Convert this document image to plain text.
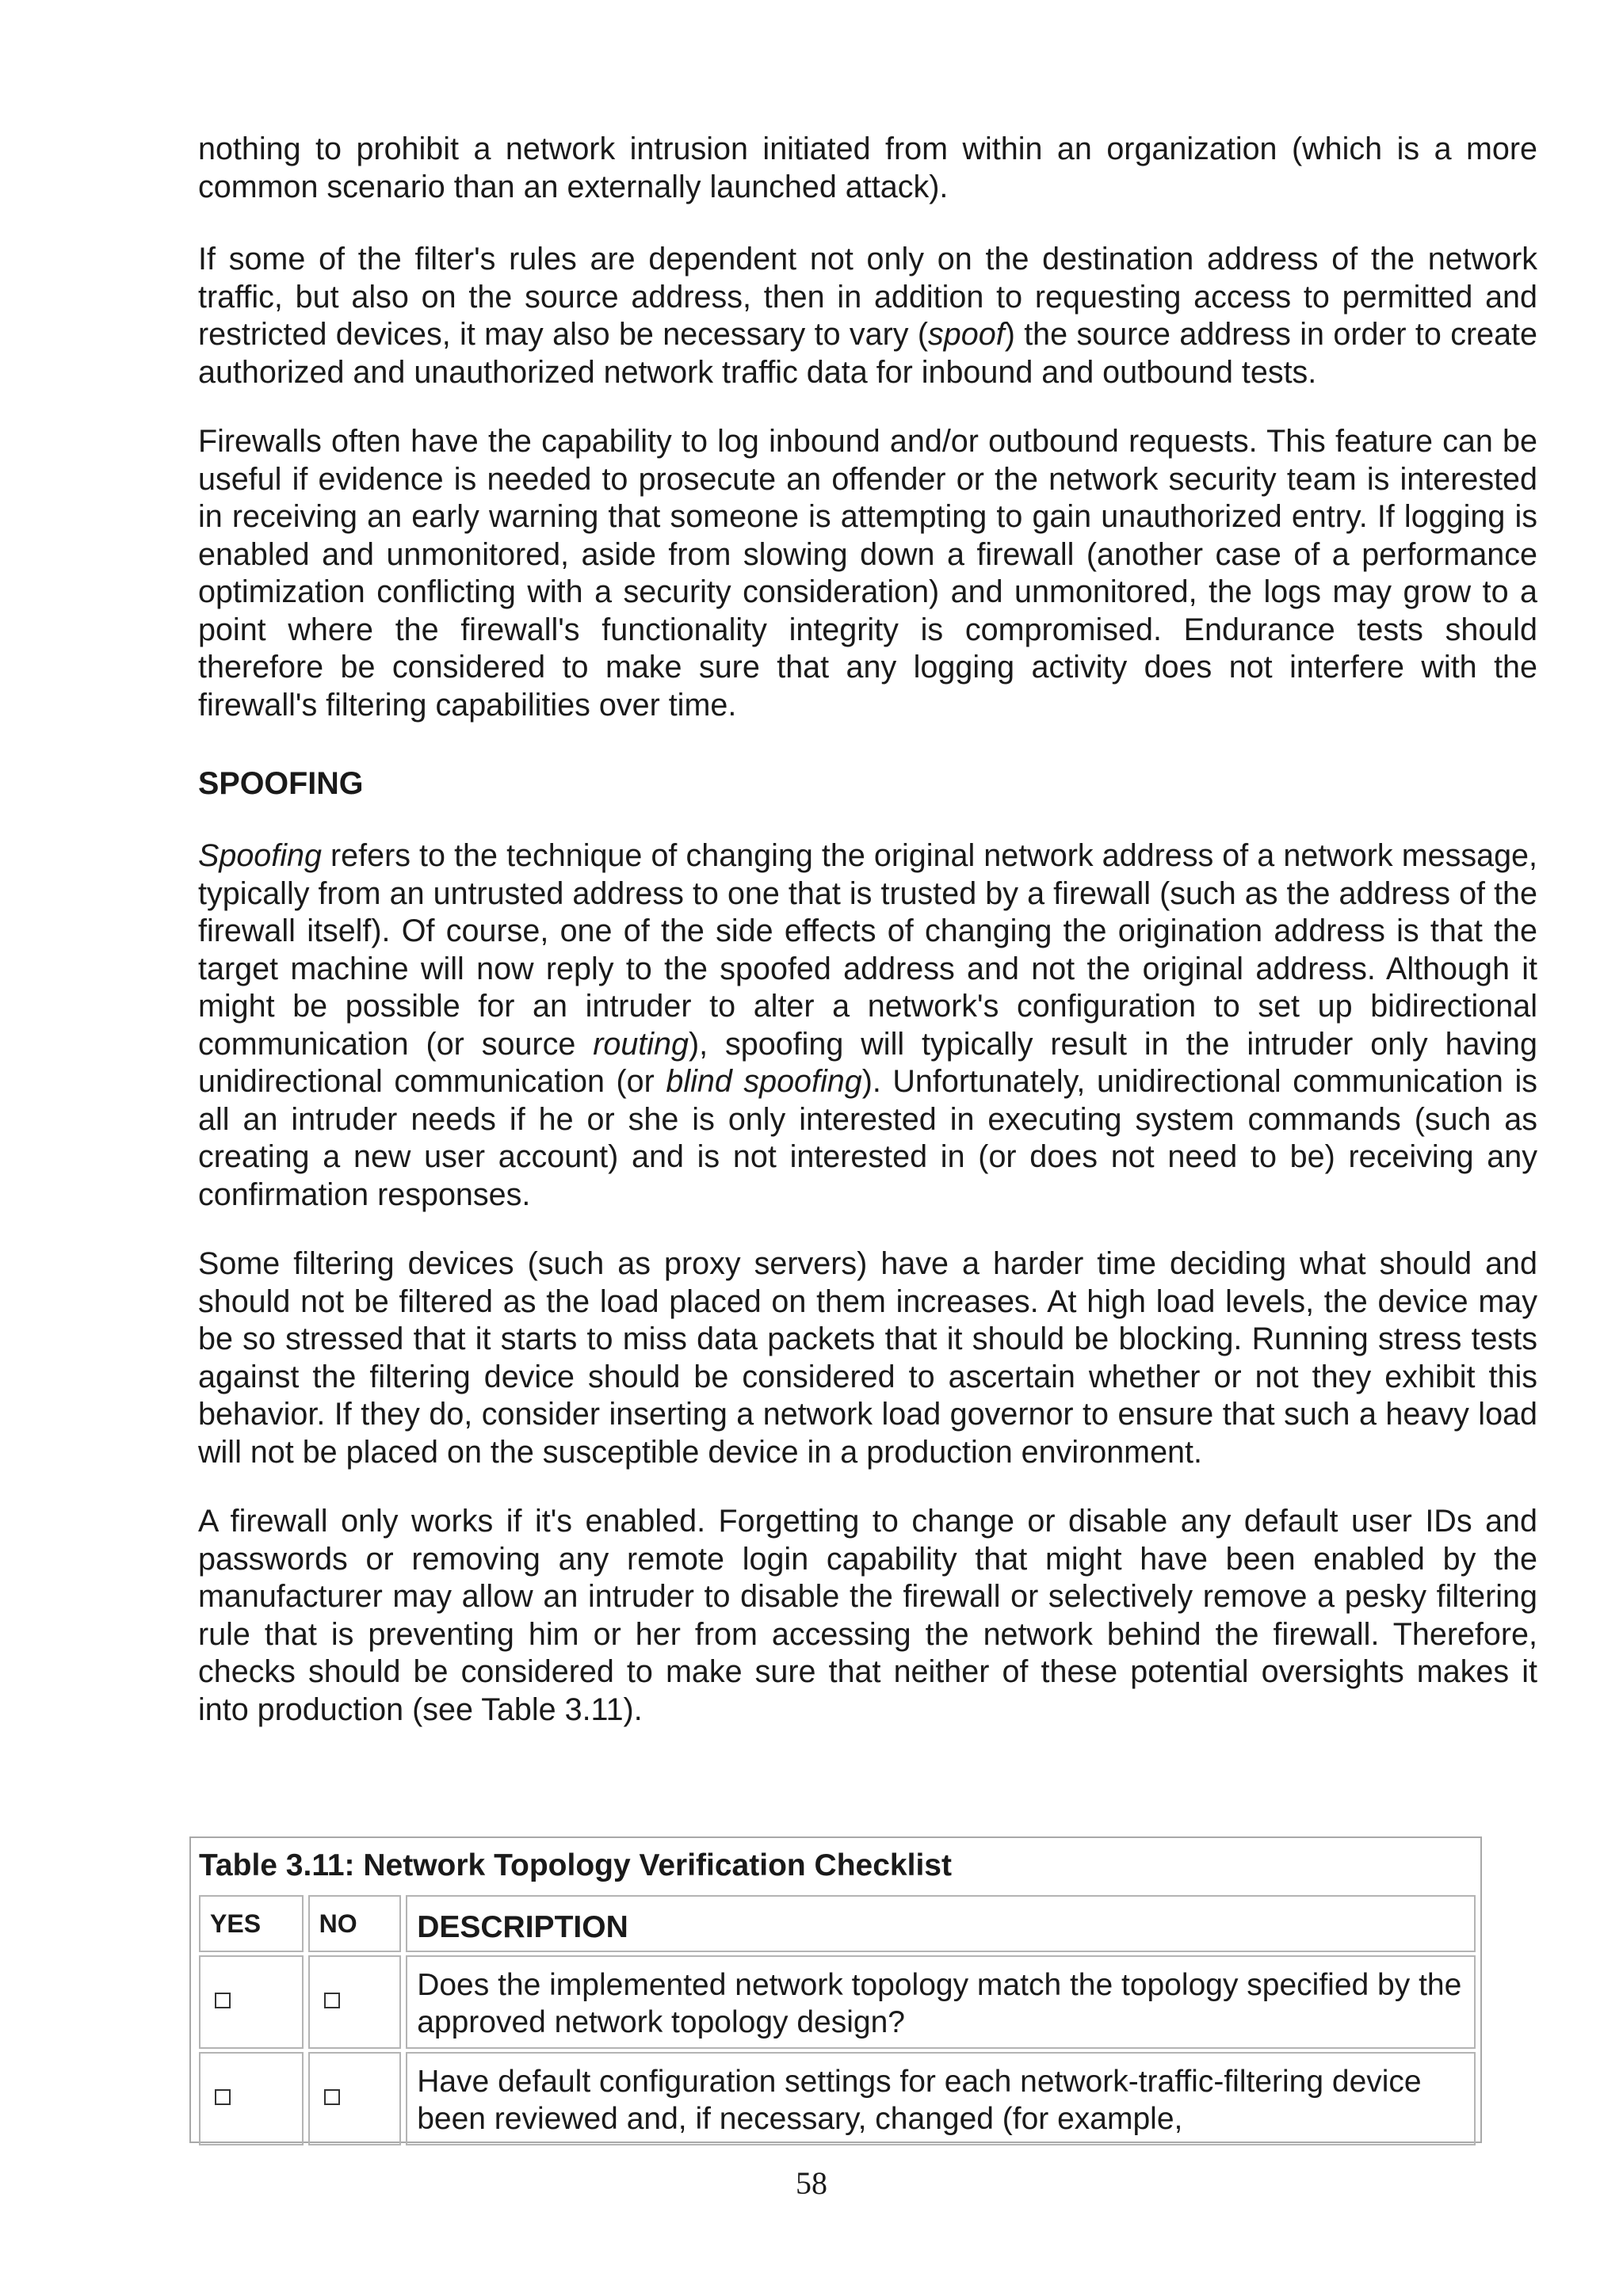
nothing to prohibit a network intrusion initiated from within an organization (which is a more common scenario than an externally launched attack).

If some of the filter's rules are dependent not only on the destination address of the network traffic, but also on the source address, then in addition to requesting access to permitted and restricted devices, it may also be necessary to vary (spoof) the source address in order to create authorized and unauthorized network traffic data for inbound and outbound tests.

Firewalls often have the capability to log inbound and/or outbound requests. This feature can be useful if evidence is needed to prosecute an offender or the network security team is interested in receiving an early warning that someone is attempting to gain unauthorized entry. If logging is enabled and unmonitored, aside from slowing down a firewall (another case of a performance optimization conflicting with a security consideration) and unmonitored, the logs may grow to a point where the firewall's functionality integrity is compromised. Endurance tests should therefore be considered to make sure that any logging activity does not interfere with the firewall's filtering capabilities over time.

SPOOFING

Spoofing refers to the technique of changing the original network address of a network message, typically from an untrusted address to one that is trusted by a firewall (such as the address of the firewall itself). Of course, one of the side effects of changing the origination address is that the target machine will now reply to the spoofed address and not the original address. Although it might be possible for an intruder to alter a network's configuration to set up bidirectional communication (or source routing), spoofing will typically result in the intruder only having unidirectional communication (or blind spoofing). Unfortunately, unidirectional communication is all an intruder needs if he or she is only interested in executing system commands (such as creating a new user account) and is not interested in (or does not need to be) receiving any confirmation responses.

Some filtering devices (such as proxy servers) have a harder time deciding what should and should not be filtered as the load placed on them increases. At high load levels, the device may be so stressed that it starts to miss data packets that it should be blocking. Running stress tests against the filtering device should be considered to ascertain whether or not they exhibit this behavior. If they do, consider inserting a network load governor to ensure that such a heavy load will not be placed on the susceptible device in a production environment.

A firewall only works if it's enabled. Forgetting to change or disable any default user IDs and passwords or removing any remote login capability that might have been enabled by the manufacturer may allow an intruder to disable the firewall or selectively remove a pesky filtering rule that is preventing him or her from accessing the network behind the firewall. Therefore, checks should be considered to make sure that neither of these potential oversights makes it into production (see Table 3.11).

Table 3.11: Network Topology Verification Checklist
YES	NO	DESCRIPTION
		Does the implemented network topology match the topology specified by the approved network topology design?
		Have default configuration settings for each network-traffic-filtering device been reviewed and, if necessary, changed (for example,
58
